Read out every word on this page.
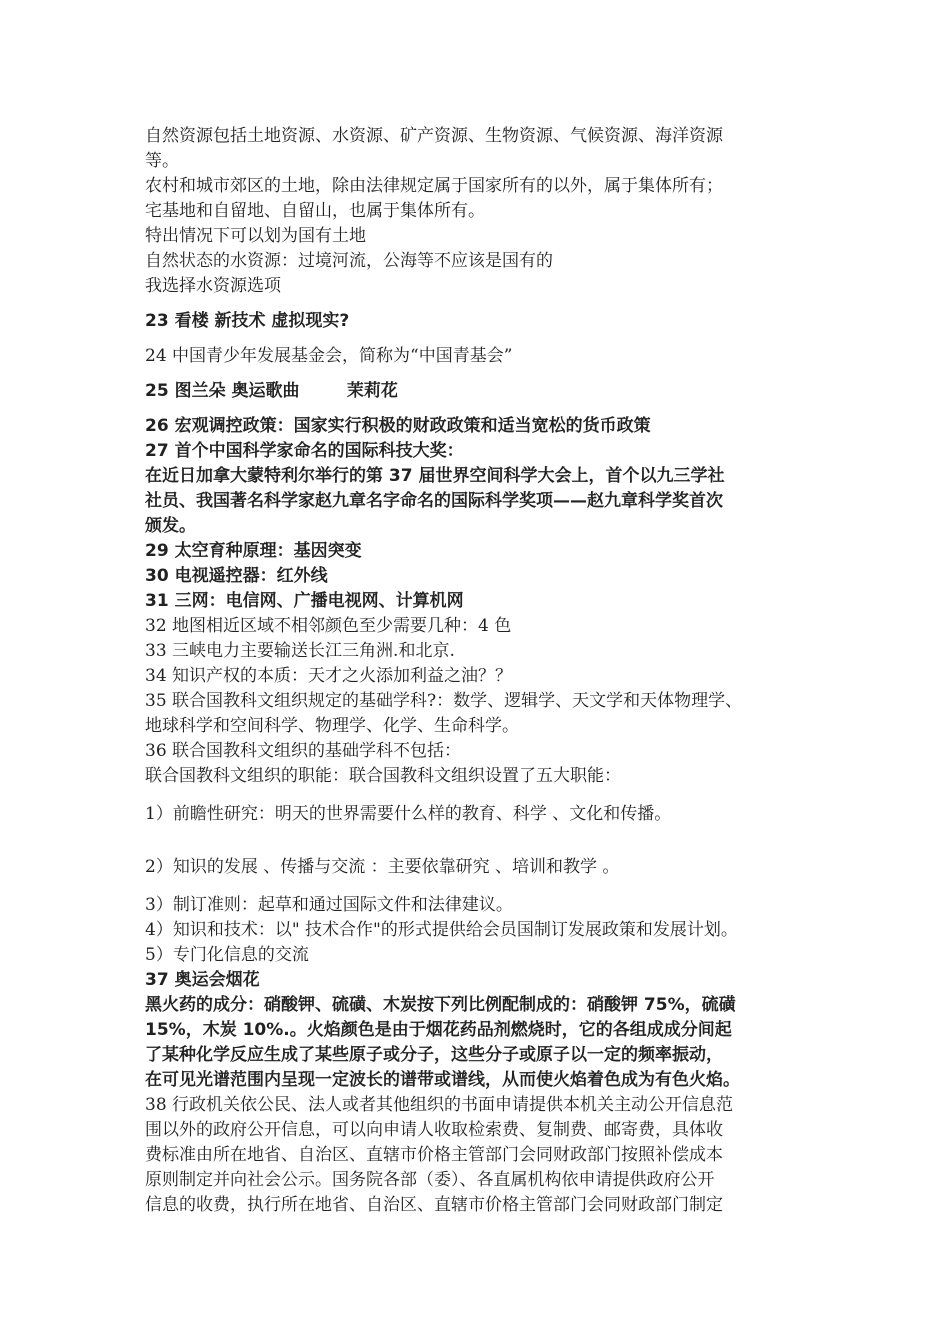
自然资源包括土地资源、水资源、矿产资源、生物资源、气候资源、海洋资源

等。

农村和城市郊区的土地，除由法律规定属于国家所有的以外，属于集体所有；

宅基地和自留地、自留山，也属于集体所有。

特出情况下可以划为国有土地

自然状态的水资源：过境河流，公海等不应该是国有的

我选择水资源选项

23 看楼 新技术 虚拟现实?

24 中国青少年发展基金会，简称为“中国青基会”

25 图兰朵 奥运歌曲        茉莉花

26 宏观调控政策：国家实行积极的财政政策和适当宽松的货币政策

27 首个中国科学家命名的国际科技大奖：

在近日加拿大蒙特利尔举行的第 37 届世界空间科学大会上，首个以九三学社

社员、我国著名科学家赵九章名字命名的国际科学奖项——赵九章科学奖首次

颁发。

29 太空育种原理：基因突变

30 电视遥控器：红外线

31 三网：电信网、广播电视网、计算机网

32 地图相近区域不相邻颜色至少需要几种：4 色

33 三峡电力主要输送长江三角洲.和北京.

34 知识产权的本质：天才之火添加利益之油？？

35 联合国教科文组织规定的基础学科?：数学、逻辑学、天文学和天体物理学、

地球科学和空间科学、物理学、化学、生命科学。

36 联合国教科文组织的基础学科不包括：

联合国教科文组织的职能：联合国教科文组织设置了五大职能：

1）前瞻性研究：明天的世界需要什么样的教育、科学 、文化和传播。

2）知识的发展 、传播与交流 ：主要依靠研究 、培训和教学 。

3）制订准则：起草和通过国际文件和法律建议。

4）知识和技术：以" 技术合作"的形式提供给会员国制订发展政策和发展计划。

5）专门化信息的交流

37 奥运会烟花

黑火药的成分：硝酸钾、硫磺、木炭按下列比例配制成的：硝酸钾 75%，硫磺

15%，木炭 10%.。火焰颜色是由于烟花药品剂燃烧时，它的各组成成分间起

了某种化学反应生成了某些原子或分子，这些分子或原子以一定的频率振动，

在可见光谱范围内呈现一定波长的谱带或谱线，从而使火焰着色成为有色火焰。

38 行政机关依公民、法人或者其他组织的书面申请提供本机关主动公开信息范

围以外的政府公开信息，可以向申请人收取检索费、复制费、邮寄费，具体收

费标准由所在地省、自治区、直辖市价格主管部门会同财政部门按照补偿成本

原则制定并向社会公示。国务院各部（委）、各直属机构依申请提供政府公开

信息的收费，执行所在地省、自治区、直辖市价格主管部门会同财政部门制定
